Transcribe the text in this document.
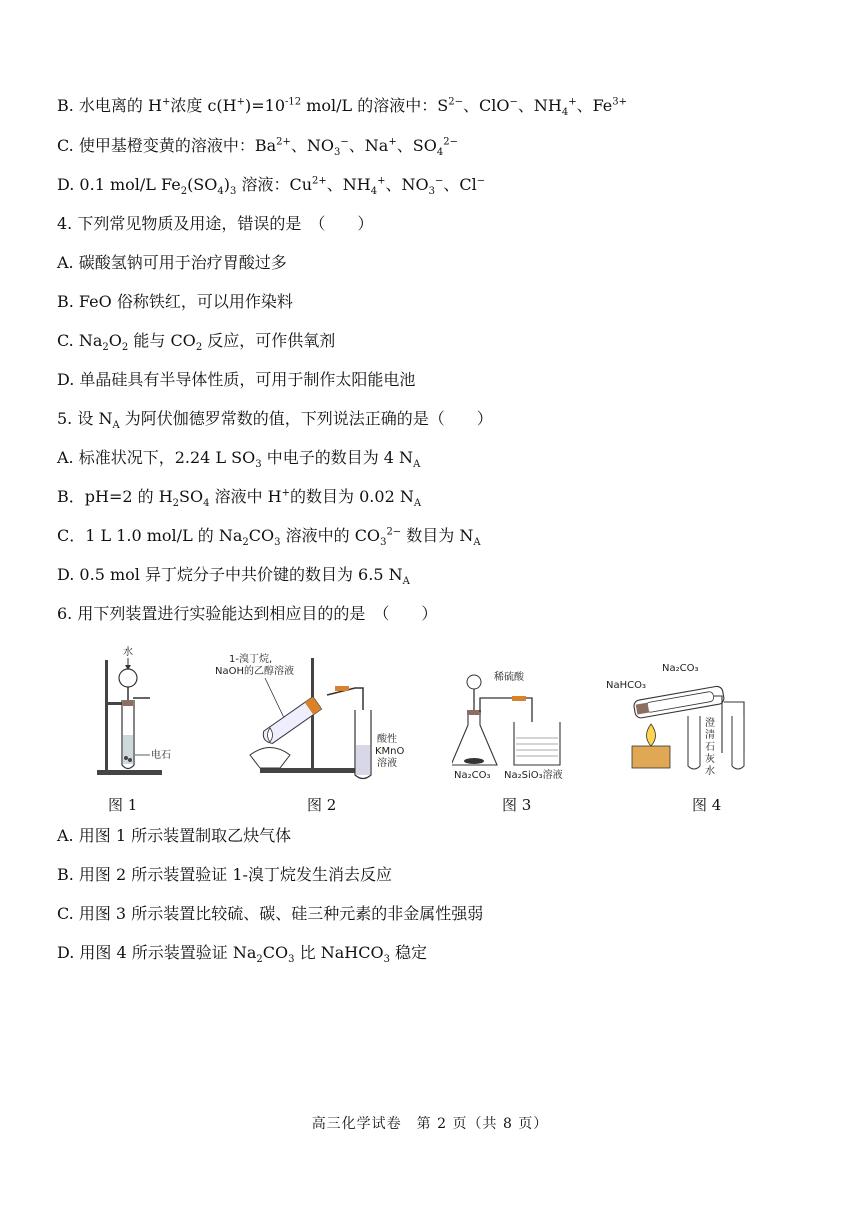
B. 水电离的 H+浓度 $c(H^+)=10^{-12}$ mol/L 的溶液中：$S^{2-}$、ClO−、$NH_4^+$、$Fe^{3+}$
C. 使甲基橙变黄的溶液中：$Ba^{2+}$、$NO_3^-$、Na+、$SO_4^{2-}$
D. 0.1 mol/L $Fe_2(SO_4)_3$ 溶液：$Cu^{2+}$、$NH_4^+$、$NO_3^-$、Cl−
4. 下列常见物质及用途，错误的是　（　　）
A. 碳酸氢钠可用于治疗胃酸过多
B. FeO 俗称铁红，可以用作染料
C. $Na_2O_2$ 能与 $CO_2$ 反应，可作供氧剂
D. 单晶硅具有半导体性质，可用于制作太阳能电池
5. 设 $N_A$ 为阿伏伽德罗常数的值，下列说法正确的是（　　）
A. 标准状况下，2.24 L $SO_3$ 中电子的数目为 4 $N_A$
B．pH=2 的 $H_2SO_4$ 溶液中 H+的数目为 0.02 $N_A$
C．1 L 1.0 mol/L 的 $Na_2CO_3$ 溶液中的 $CO_3^{2-}$ 数目为 $N_A$
D. 0.5 mol 异丁烷分子中共价键的数目为 6.5 $N_A$
6. 用下列装置进行实验能达到相应目的的是　（　　）
水
电石
图 1
1-溴丁烷,
NaOH的乙醇溶液
酸性
KMnO
溶液
图 2
稀硫酸
Na₂CO₃ Na₂SiO₃溶液
图 3
Na₂CO₃
NaHCO₃
澄
清
石
灰
水
图 4
A. 用图 1 所示装置制取乙炔气体
B. 用图 2 所示装置验证 1-溴丁烷发生消去反应
C. 用图 3 所示装置比较硫、碳、硅三种元素的非金属性强弱
D. 用图 4 所示装置验证 $Na_2CO_3$ 比 NaHCO$_3$ 稳定
高三化学试卷　第 2 页（共 8 页）
